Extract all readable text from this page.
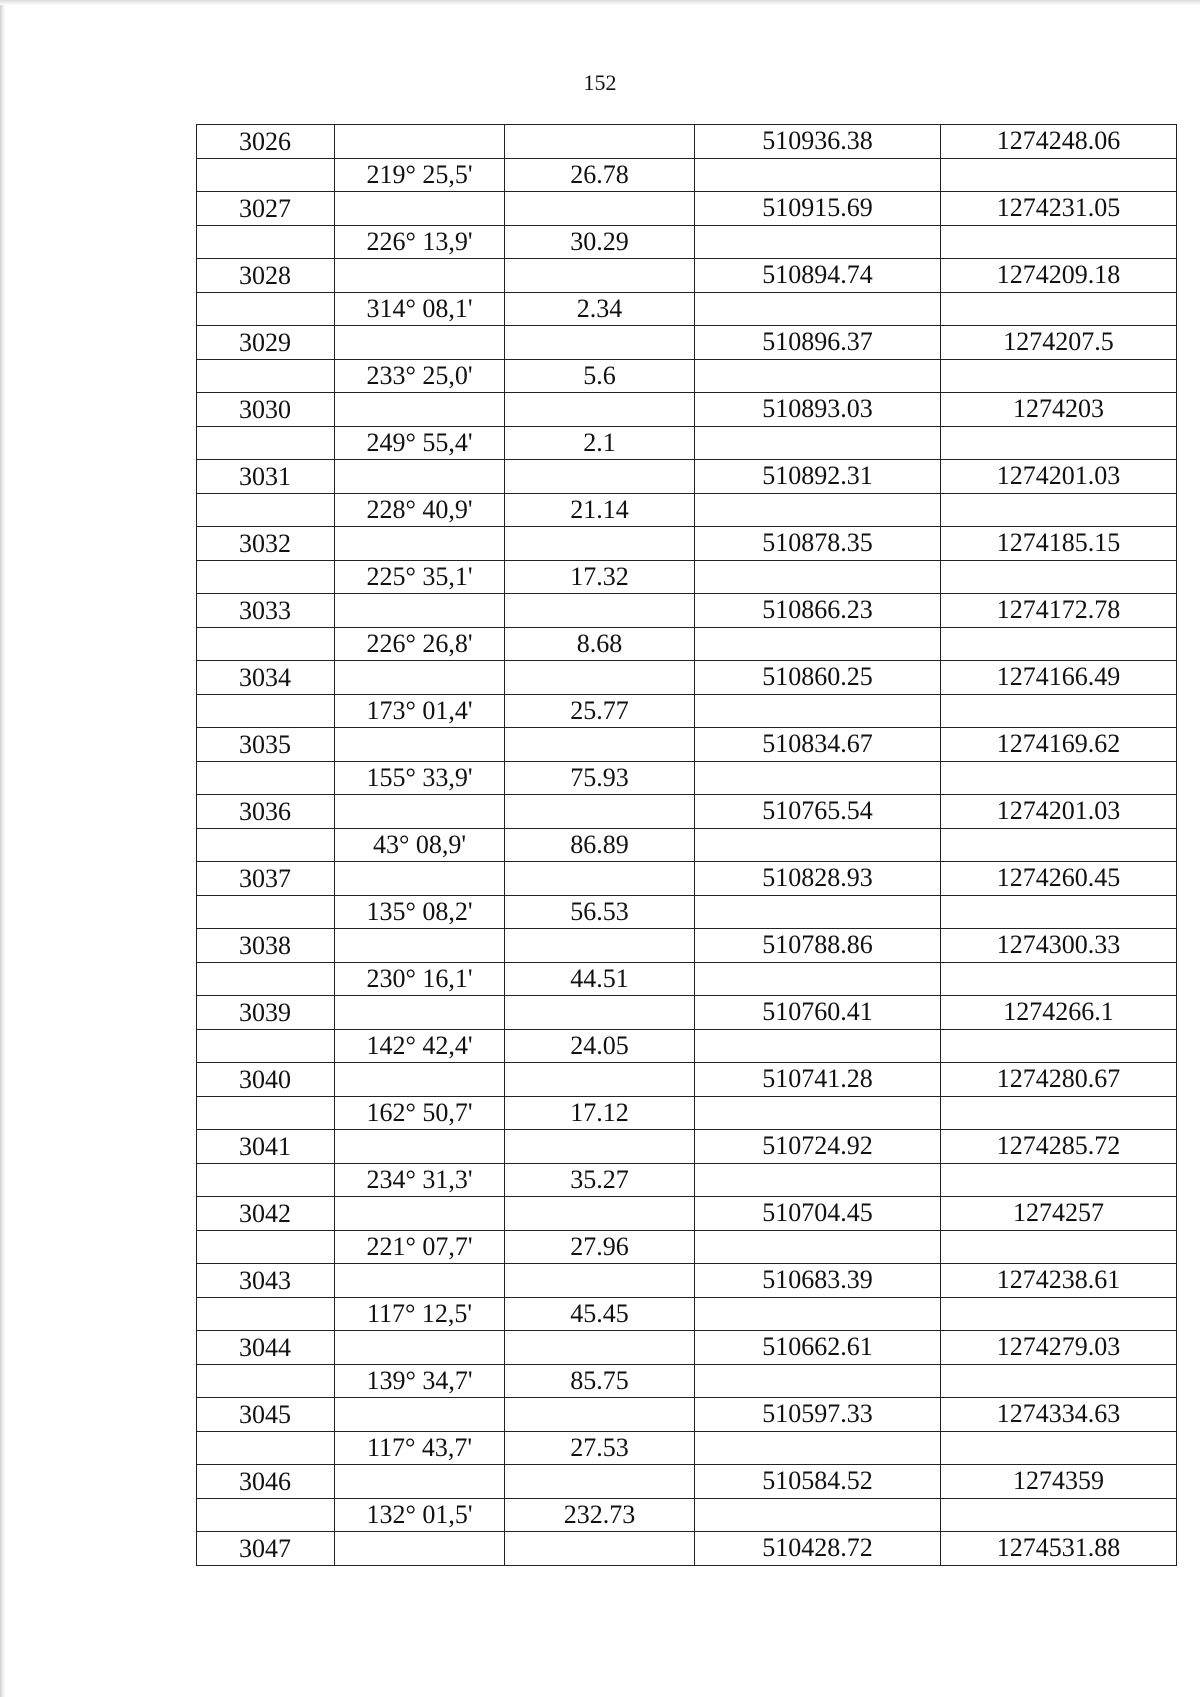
152
3026			510936.38	1274248.06
	219° 25,5'	26.78		
3027			510915.69	1274231.05
	226° 13,9'	30.29		
3028			510894.74	1274209.18
	314° 08,1'	2.34		
3029			510896.37	1274207.5
	233° 25,0'	5.6		
3030			510893.03	1274203
	249° 55,4'	2.1		
3031			510892.31	1274201.03
	228° 40,9'	21.14		
3032			510878.35	1274185.15
	225° 35,1'	17.32		
3033			510866.23	1274172.78
	226° 26,8'	8.68		
3034			510860.25	1274166.49
	173° 01,4'	25.77		
3035			510834.67	1274169.62
	155° 33,9'	75.93		
3036			510765.54	1274201.03
	43° 08,9'	86.89		
3037			510828.93	1274260.45
	135° 08,2'	56.53		
3038			510788.86	1274300.33
	230° 16,1'	44.51		
3039			510760.41	1274266.1
	142° 42,4'	24.05		
3040			510741.28	1274280.67
	162° 50,7'	17.12		
3041			510724.92	1274285.72
	234° 31,3'	35.27		
3042			510704.45	1274257
	221° 07,7'	27.96		
3043			510683.39	1274238.61
	117° 12,5'	45.45		
3044			510662.61	1274279.03
	139° 34,7'	85.75		
3045			510597.33	1274334.63
	117° 43,7'	27.53		
3046			510584.52	1274359
	132° 01,5'	232.73		
3047			510428.72	1274531.88
